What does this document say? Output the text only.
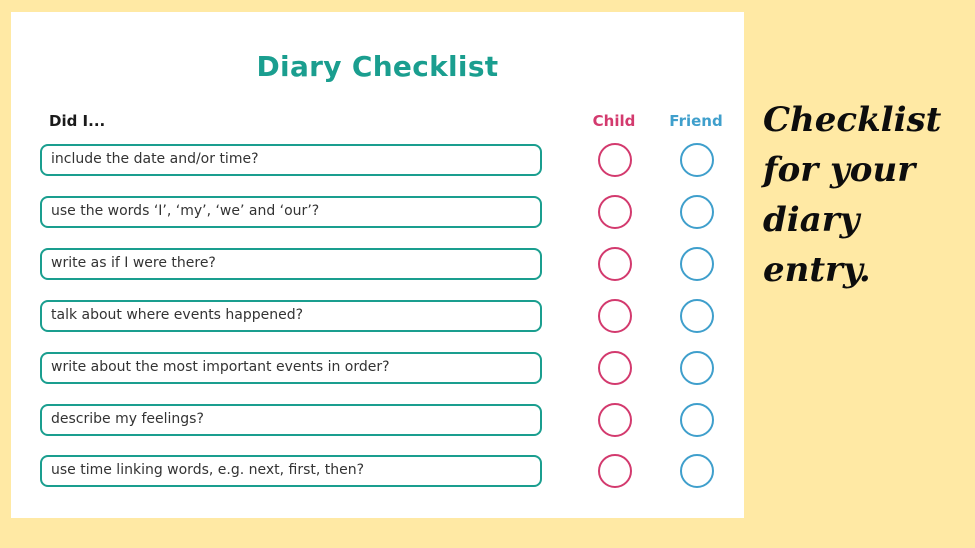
Diary Checklist
Did I...	Child	Friend
include the date and/or time?
use the words ‘I’, ‘my’, ‘we’ and ‘our’?
write as if I were there?
talk about where events happened?
write about the most important events in order?
describe my feelings?
use time linking words, e.g. next, first, then?
Checklist
for your
diary
entry.
